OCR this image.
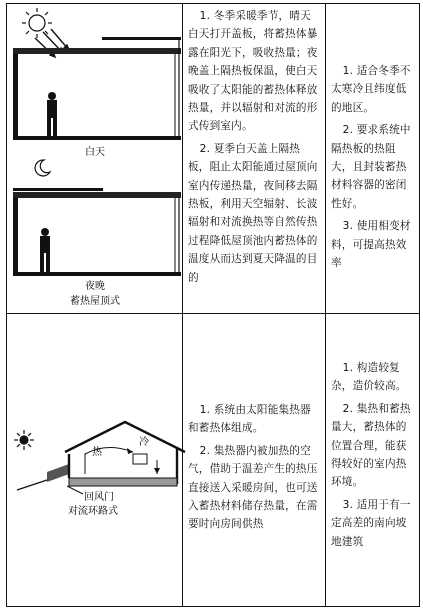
白天
夜晚
蓄热屋顶式

1. 冬季采暖季节，晴天白天打开盖板，将蓄热体暴露在阳光下，吸收热量；夜晚盖上隔热板保温，使白天吸收了太阳能的蓄热体释放热量，并以辐射和对流的形式传到室内。

2. 夏季白天盖上隔热板，阻止太阳能通过屋顶向室内传递热量，夜间移去隔热板，利用天空辐射、长波辐射和对流换热等自然传热过程降低屋顶池内蓄热体的温度从而达到夏天降温的目的

1. 适合冬季不太寒冷且纬度低的地区。

2. 要求系统中隔热板的热阻大，且封装蓄热材料容器的密闭性好。

3. 使用相变材料，可提高热效率

热
冷
回风门
对流环路式

1. 系统由太阳能集热器和蓄热体组成。

2. 集热器内被加热的空气，借助于温差产生的热压直接送入采暖房间，也可送入蓄热材料储存热量，在需要时向房间供热

1. 构造较复杂，造价较高。

2. 集热和蓄热量大，蓄热体的位置合理，能获得较好的室内热环境。

3. 适用于有一定高差的南向坡地建筑
